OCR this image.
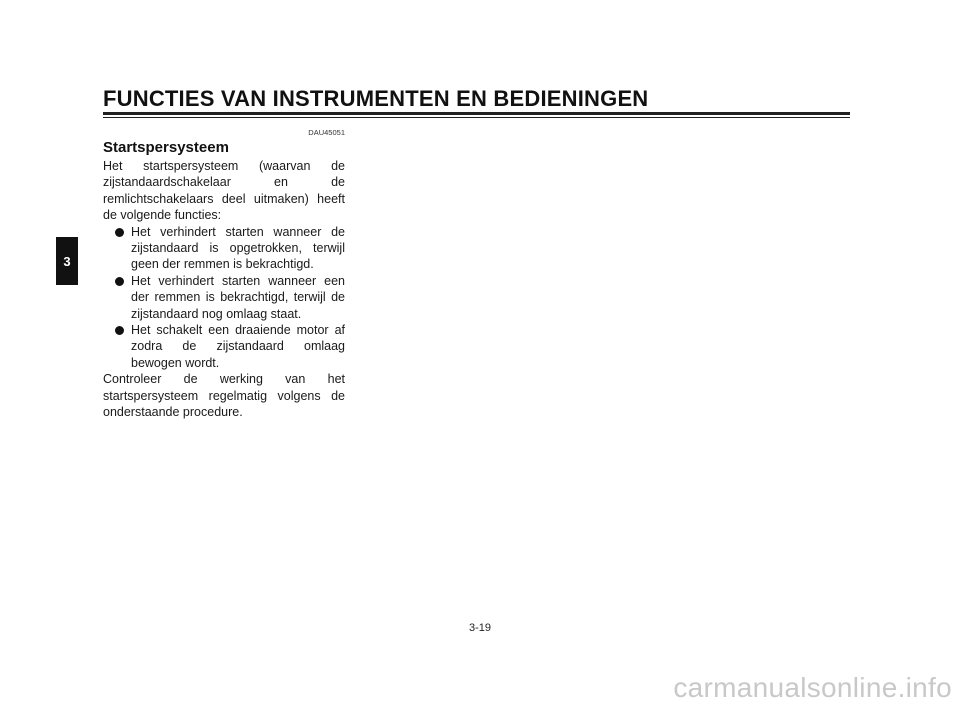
FUNCTIES VAN INSTRUMENTEN EN BEDIENINGEN
3
DAU45051
Startspersysteem

Het startspersysteem (waarvan de zijstandaardschakelaar en de remlichtschakelaars deel uitmaken) heeft de volgende functies:

Het verhindert starten wanneer de zijstandaard is opgetrokken, terwijl geen der remmen is bekrachtigd.
Het verhindert starten wanneer een der remmen is bekrachtigd, terwijl de zijstandaard nog omlaag staat.
Het schakelt een draaiende motor af zodra de zijstandaard omlaag bewogen wordt.

Controleer de werking van het startspersysteem regelmatig volgens de onderstaande procedure.

3-19
carmanualsonline.info
